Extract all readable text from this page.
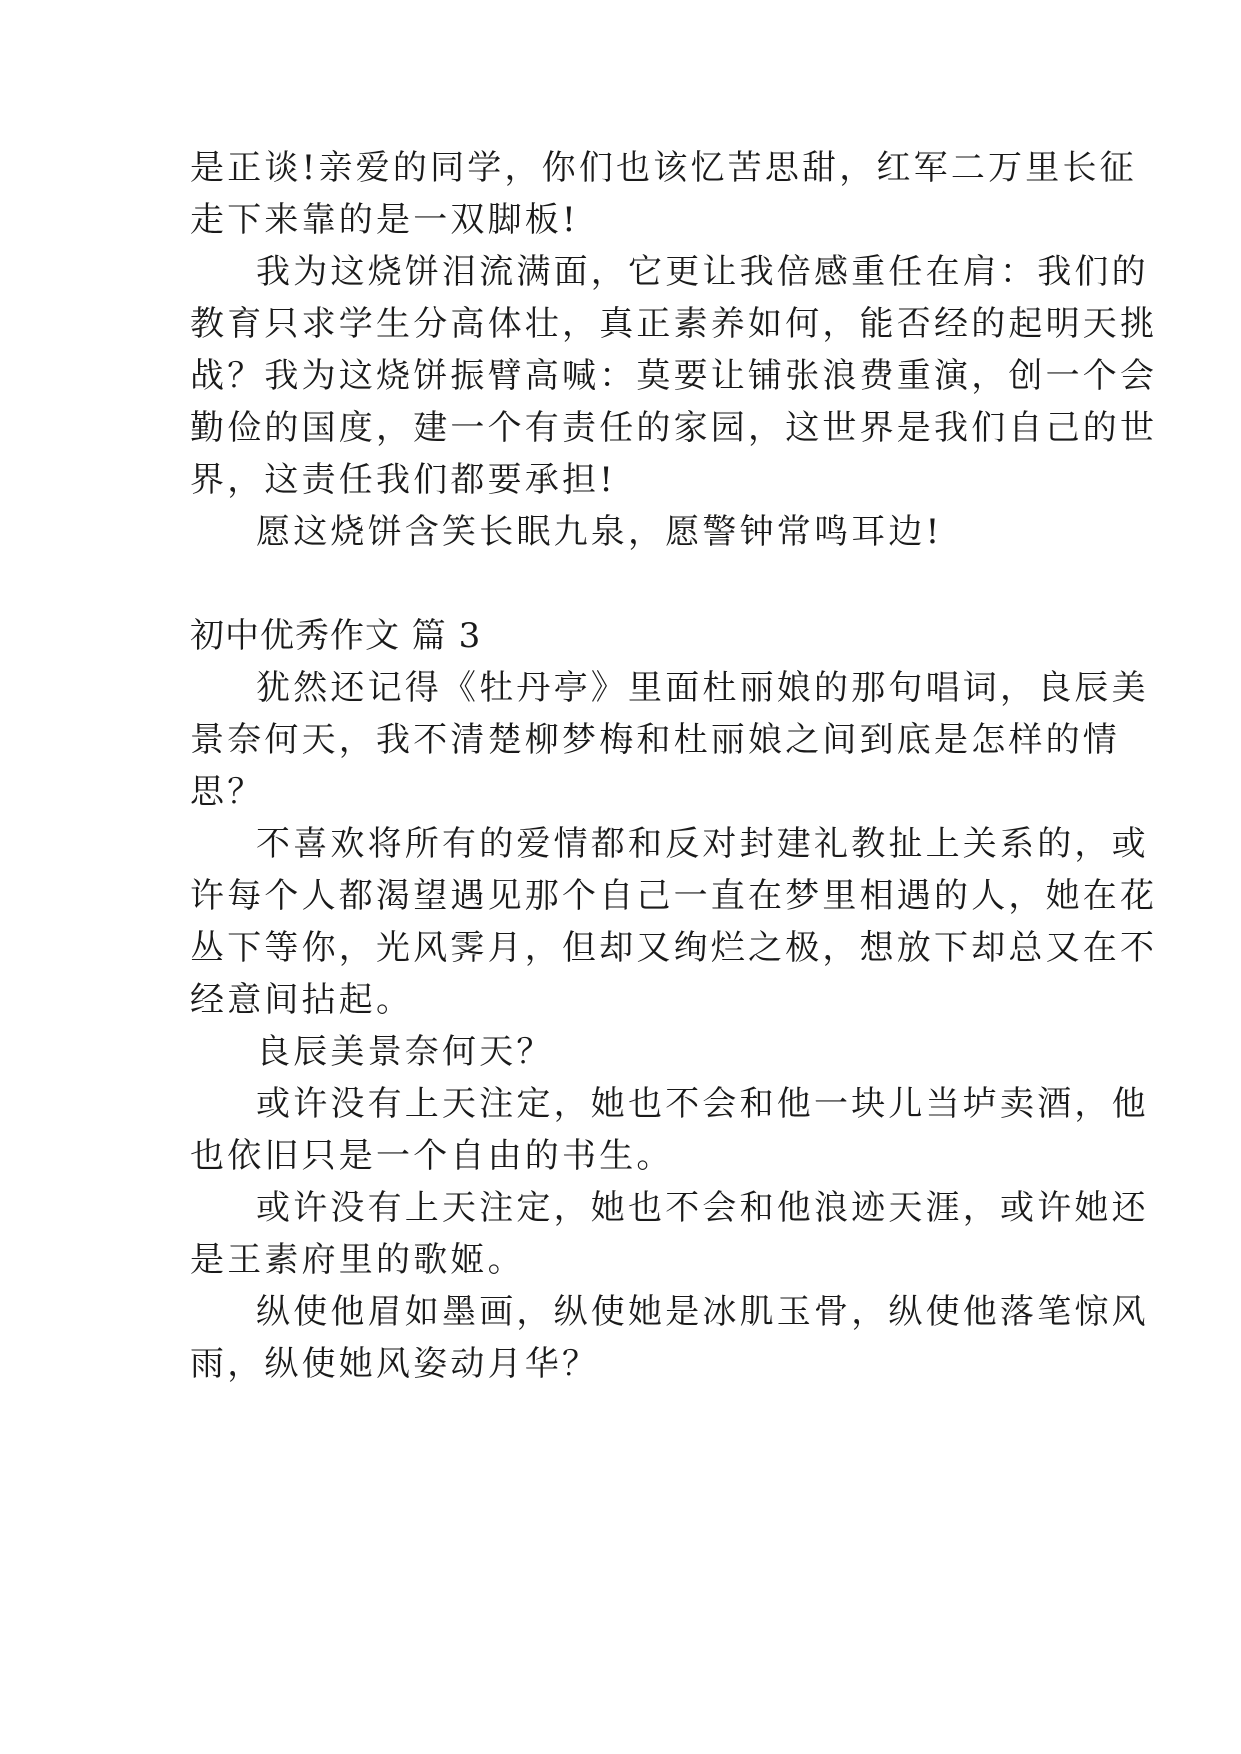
是正谈!亲爱的同学，你们也该忆苦思甜，红军二万里长征
走下来靠的是一双脚板!
我为这烧饼泪流满面，它更让我倍感重任在肩：我们的
教育只求学生分高体壮，真正素养如何，能否经的起明天挑
战？我为这烧饼振臂高喊：莫要让铺张浪费重演，创一个会
勤俭的国度，建一个有责任的家园，这世界是我们自己的世
界，这责任我们都要承担!
愿这烧饼含笑长眠九泉，愿警钟常鸣耳边!
初中优秀作文 篇 3
犹然还记得《牡丹亭》里面杜丽娘的那句唱词，良辰美
景奈何天，我不清楚柳梦梅和杜丽娘之间到底是怎样的情
思？
不喜欢将所有的爱情都和反对封建礼教扯上关系的，或
许每个人都渴望遇见那个自己一直在梦里相遇的人，她在花
丛下等你，光风霁月，但却又绚烂之极，想放下却总又在不
经意间拈起。
良辰美景奈何天？
或许没有上天注定，她也不会和他一块儿当垆卖酒，他
也依旧只是一个自由的书生。
或许没有上天注定，她也不会和他浪迹天涯，或许她还
是王素府里的歌姬。
纵使他眉如墨画，纵使她是冰肌玉骨，纵使他落笔惊风
雨，纵使她风姿动月华？
